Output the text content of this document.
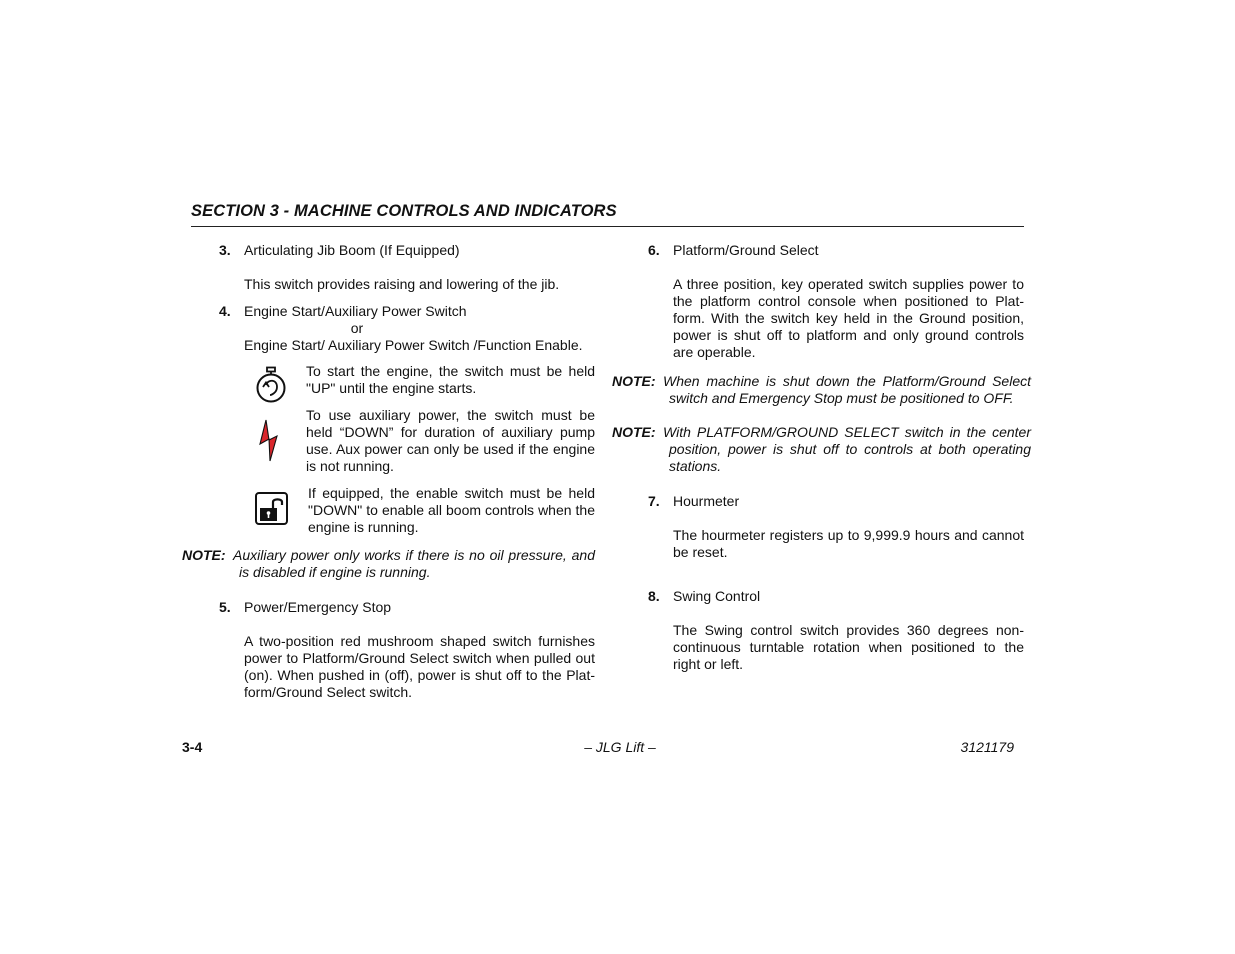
SECTION 3 - MACHINE CONTROLS AND INDICATORS
3. Articulating Jib Boom (If Equipped)
This switch provides raising and lowering of the jib.
4. Engine Start/Auxiliary Power Switch
or
Engine Start/ Auxiliary Power Switch /Function Enable.
To start the engine, the switch must be held "UP" until the engine starts.
To use auxiliary power, the switch must be held “DOWN” for duration of auxiliary pump use. Aux power can only be used if the engine is not running.
If equipped, the enable switch must be held "DOWN" to enable all boom controls when the engine is running.
NOTE: Auxiliary power only works if there is no oil pressure, and is disabled if engine is running.
5. Power/Emergency Stop
A two-position red mushroom shaped switch furnishes power to Platform/Ground Select switch when pulled out (on). When pushed in (off), power is shut off to the Plat-form/Ground Select switch.
6. Platform/Ground Select
A three position, key operated switch supplies power to the platform control console when positioned to Plat-form. With the switch key held in the Ground position, power is shut off to platform and only ground controls are operable.
NOTE: When machine is shut down the Platform/Ground Select switch and Emergency Stop must be positioned to OFF.
NOTE: With PLATFORM/GROUND SELECT switch in the center position, power is shut off to controls at both operating stations.
7. Hourmeter
The hourmeter registers up to 9,999.9 hours and cannot be reset.
8. Swing Control
The Swing control switch provides 360 degrees non-continuous turntable rotation when positioned to the right or left.
3-4	– JLG Lift –	3121179
